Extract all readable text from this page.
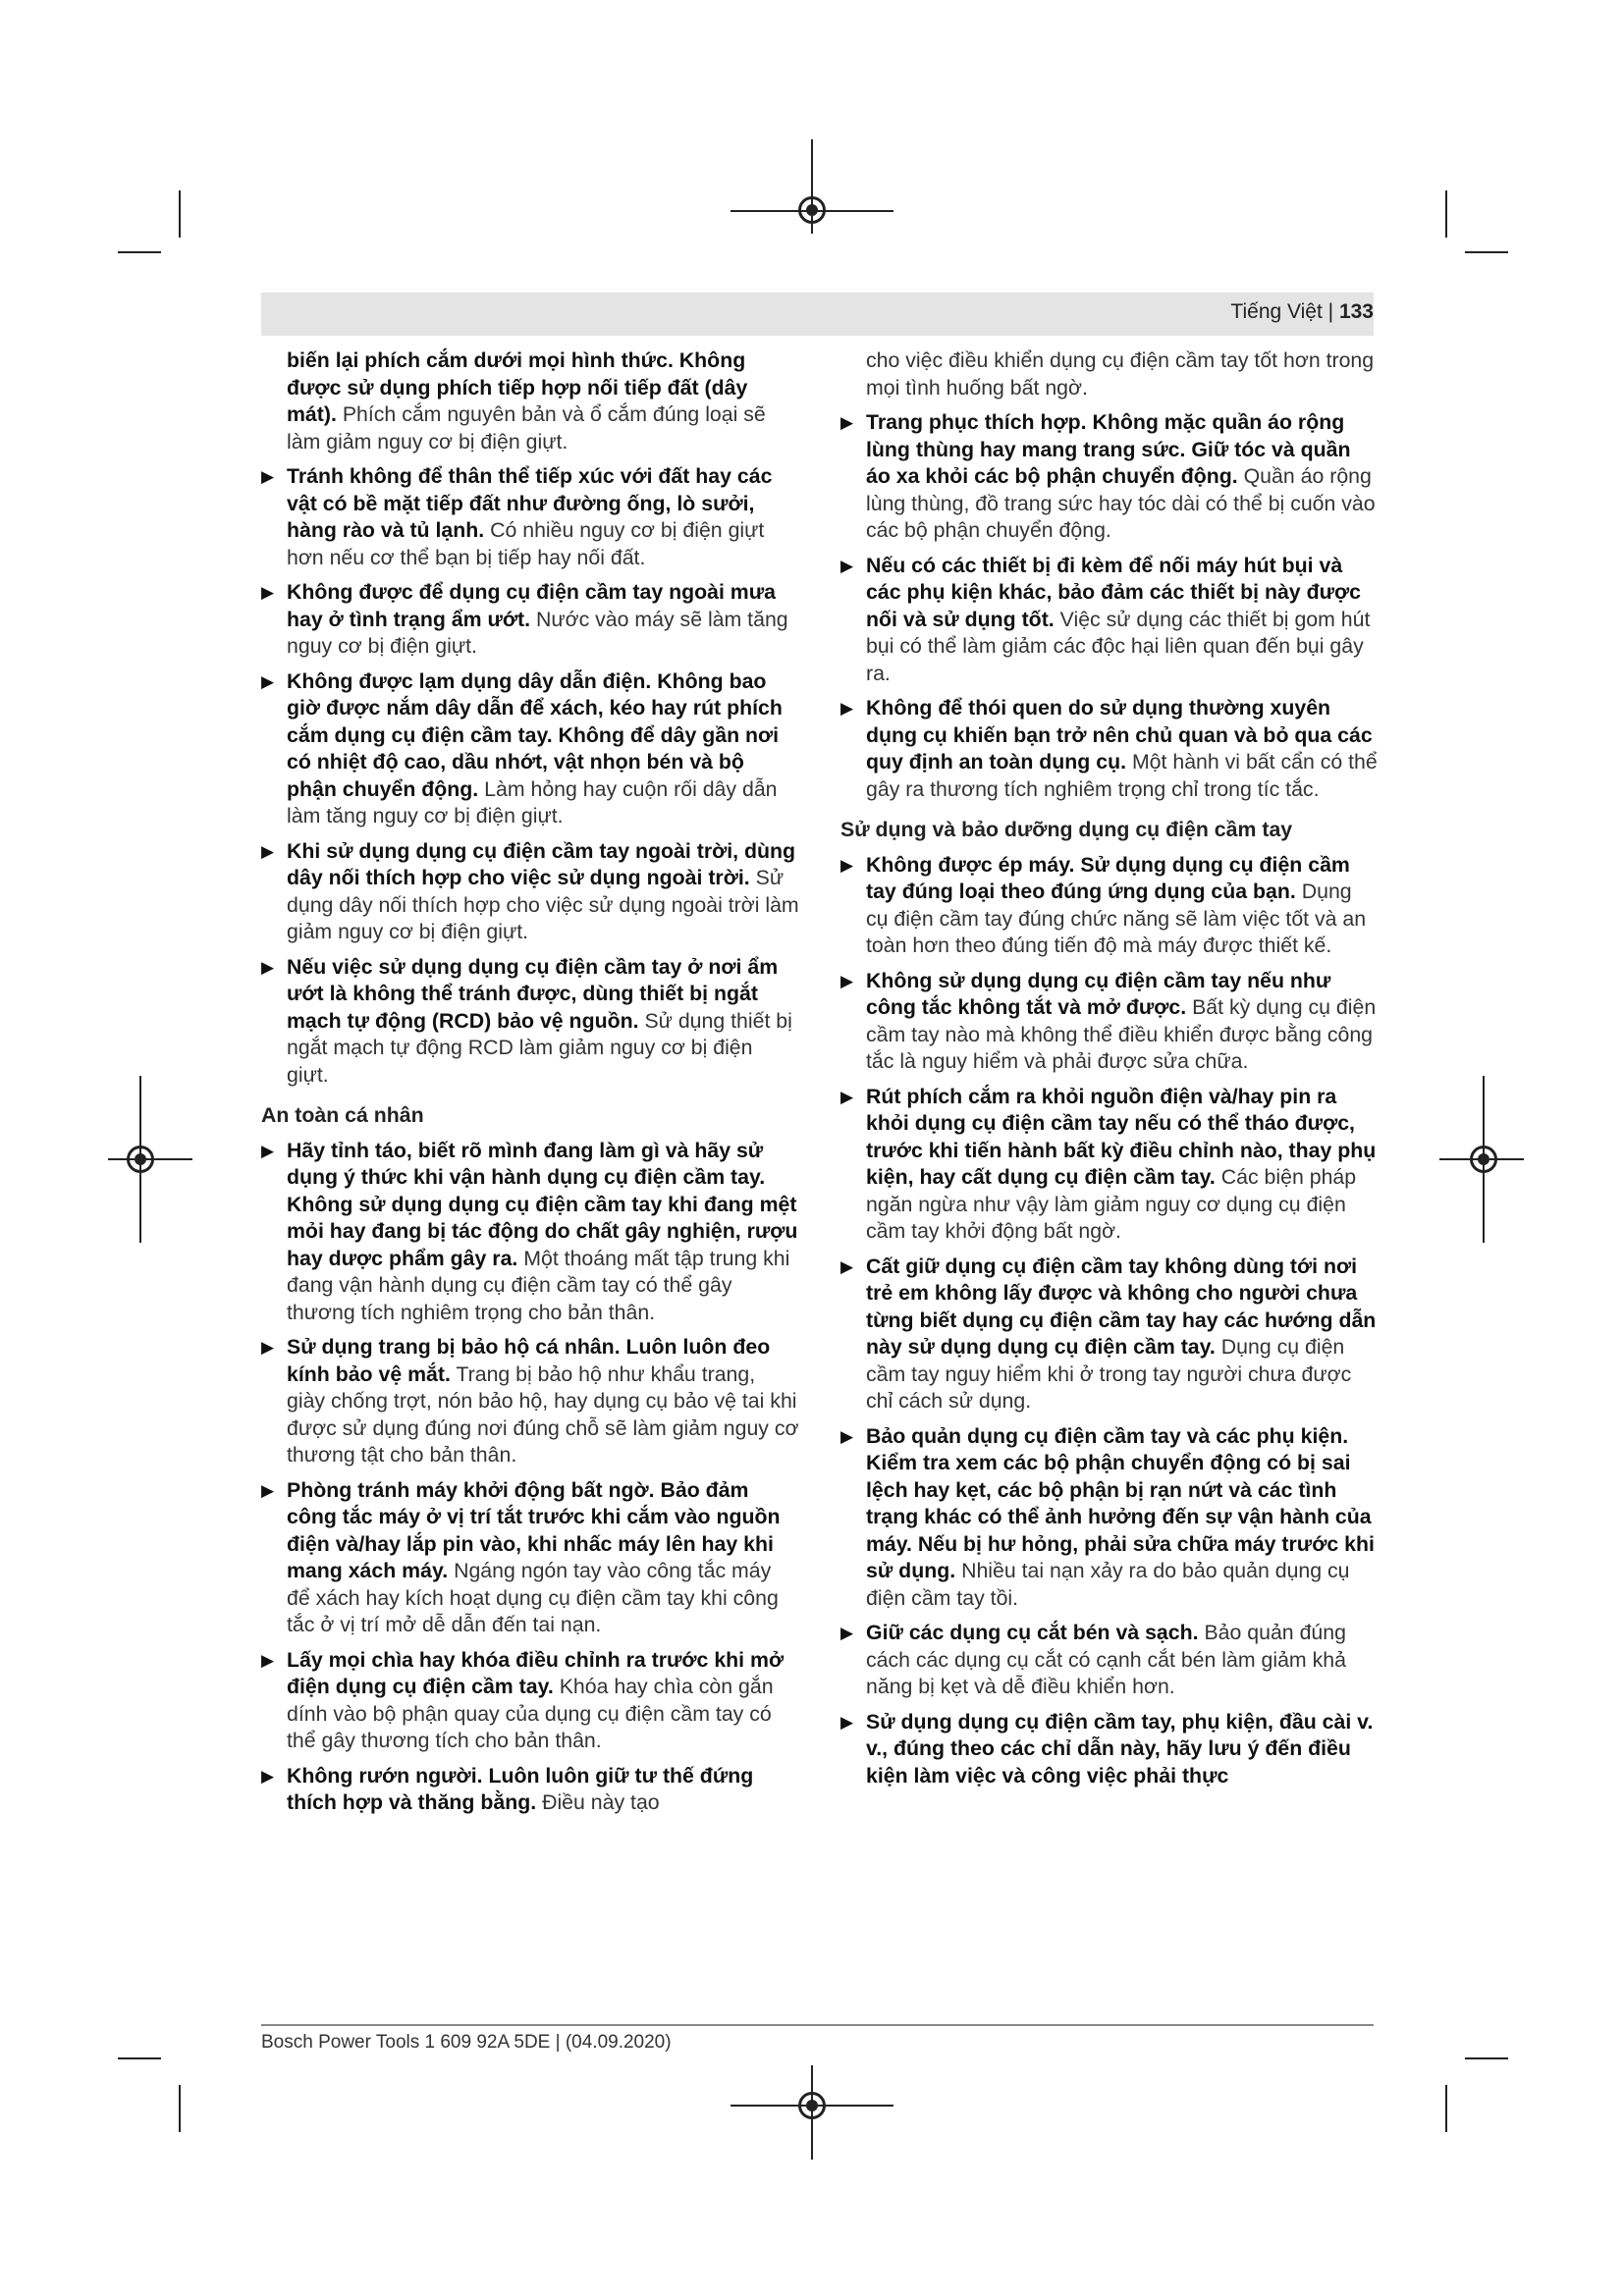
Tiếng Việt | 133
biến lại phích cắm dưới mọi hình thức. Không được sử dụng phích tiếp hợp nối tiếp đất (dây mát). Phích cắm nguyên bản và ổ cắm đúng loại sẽ làm giảm nguy cơ bị điện giựt.
▶ Tránh không để thân thể tiếp xúc với đất hay các vật có bề mặt tiếp đất như đường ống, lò sưởi, hàng rào và tủ lạnh. Có nhiều nguy cơ bị điện giựt hơn nếu cơ thể bạn bị tiếp hay nối đất.
▶ Không được để dụng cụ điện cầm tay ngoài mưa hay ở tình trạng ẩm ướt. Nước vào máy sẽ làm tăng nguy cơ bị điện giựt.
▶ Không được lạm dụng dây dẫn điện. Không bao giờ được nắm dây dẫn để xách, kéo hay rút phích cắm dụng cụ điện cầm tay. Không để dây gần nơi có nhiệt độ cao, dầu nhớt, vật nhọn bén và bộ phận chuyển động. Làm hỏng hay cuộn rối dây dẫn làm tăng nguy cơ bị điện giựt.
▶ Khi sử dụng dụng cụ điện cầm tay ngoài trời, dùng dây nối thích hợp cho việc sử dụng ngoài trời. Sử dụng dây nối thích hợp cho việc sử dụng ngoài trời làm giảm nguy cơ bị điện giựt.
▶ Nếu việc sử dụng dụng cụ điện cầm tay ở nơi ẩm ướt là không thể tránh được, dùng thiết bị ngắt mạch tự động (RCD) bảo vệ nguồn. Sử dụng thiết bị ngắt mạch tự động RCD làm giảm nguy cơ bị điện giựt.
An toàn cá nhân
▶ Hãy tỉnh táo, biết rõ mình đang làm gì và hãy sử dụng ý thức khi vận hành dụng cụ điện cầm tay. Không sử dụng dụng cụ điện cầm tay khi đang mệt mỏi hay đang bị tác động do chất gây nghiện, rượu hay dược phẩm gây ra. Một thoáng mất tập trung khi đang vận hành dụng cụ điện cầm tay có thể gây thương tích nghiêm trọng cho bản thân.
▶ Sử dụng trang bị bảo hộ cá nhân. Luôn luôn đeo kính bảo vệ mắt. Trang bị bảo hộ như khẩu trang, giày chống trợt, nón bảo hộ, hay dụng cụ bảo vệ tai khi được sử dụng đúng nơi đúng chỗ sẽ làm giảm nguy cơ thương tật cho bản thân.
▶ Phòng tránh máy khởi động bất ngờ. Bảo đảm công tắc máy ở vị trí tắt trước khi cắm vào nguồn điện và/hay lắp pin vào, khi nhấc máy lên hay khi mang xách máy. Ngáng ngón tay vào công tắc máy để xách hay kích hoạt dụng cụ điện cầm tay khi công tắc ở vị trí mở dễ dẫn đến tai nạn.
▶ Lấy mọi chìa hay khóa điều chỉnh ra trước khi mở điện dụng cụ điện cầm tay. Khóa hay chìa còn gắn dính vào bộ phận quay của dụng cụ điện cầm tay có thể gây thương tích cho bản thân.
▶ Không rướn người. Luôn luôn giữ tư thế đứng thích hợp và thăng bằng. Điều này tạo
cho việc điều khiển dụng cụ điện cầm tay tốt hơn trong mọi tình huống bất ngờ.
▶ Trang phục thích hợp. Không mặc quần áo rộng lùng thùng hay mang trang sức. Giữ tóc và quần áo xa khỏi các bộ phận chuyển động. Quần áo rộng lùng thùng, đồ trang sức hay tóc dài có thể bị cuốn vào các bộ phận chuyển động.
▶ Nếu có các thiết bị đi kèm để nối máy hút bụi và các phụ kiện khác, bảo đảm các thiết bị này được nối và sử dụng tốt. Việc sử dụng các thiết bị gom hút bụi có thể làm giảm các độc hại liên quan đến bụi gây ra.
▶ Không để thói quen do sử dụng thường xuyên dụng cụ khiến bạn trở nên chủ quan và bỏ qua các quy định an toàn dụng cụ. Một hành vi bất cẩn có thể gây ra thương tích nghiêm trọng chỉ trong tíc tắc.
Sử dụng và bảo dưỡng dụng cụ điện cầm tay
▶ Không được ép máy. Sử dụng dụng cụ điện cầm tay đúng loại theo đúng ứng dụng của bạn. Dụng cụ điện cầm tay đúng chức năng sẽ làm việc tốt và an toàn hơn theo đúng tiến độ mà máy được thiết kế.
▶ Không sử dụng dụng cụ điện cầm tay nếu như công tắc không tắt và mở được. Bất kỳ dụng cụ điện cầm tay nào mà không thể điều khiển được bằng công tắc là nguy hiểm và phải được sửa chữa.
▶ Rút phích cắm ra khỏi nguồn điện và/hay pin ra khỏi dụng cụ điện cầm tay nếu có thể tháo được, trước khi tiến hành bất kỳ điều chỉnh nào, thay phụ kiện, hay cất dụng cụ điện cầm tay. Các biện pháp ngăn ngừa như vậy làm giảm nguy cơ dụng cụ điện cầm tay khởi động bất ngờ.
▶ Cất giữ dụng cụ điện cầm tay không dùng tới nơi trẻ em không lấy được và không cho người chưa từng biết dụng cụ điện cầm tay hay các hướng dẫn này sử dụng dụng cụ điện cầm tay. Dụng cụ điện cầm tay nguy hiểm khi ở trong tay người chưa được chỉ cách sử dụng.
▶ Bảo quản dụng cụ điện cầm tay và các phụ kiện. Kiểm tra xem các bộ phận chuyển động có bị sai lệch hay kẹt, các bộ phận bị rạn nứt và các tình trạng khác có thể ảnh hưởng đến sự vận hành của máy. Nếu bị hư hỏng, phải sửa chữa máy trước khi sử dụng. Nhiều tai nạn xảy ra do bảo quản dụng cụ điện cầm tay tồi.
▶ Giữ các dụng cụ cắt bén và sạch. Bảo quản đúng cách các dụng cụ cắt có cạnh cắt bén làm giảm khả năng bị kẹt và dễ điều khiển hơn.
▶ Sử dụng dụng cụ điện cầm tay, phụ kiện, đầu cài v. v., đúng theo các chỉ dẫn này, hãy lưu ý đến điều kiện làm việc và công việc phải thực
Bosch Power Tools 1 609 92A 5DE | (04.09.2020)
